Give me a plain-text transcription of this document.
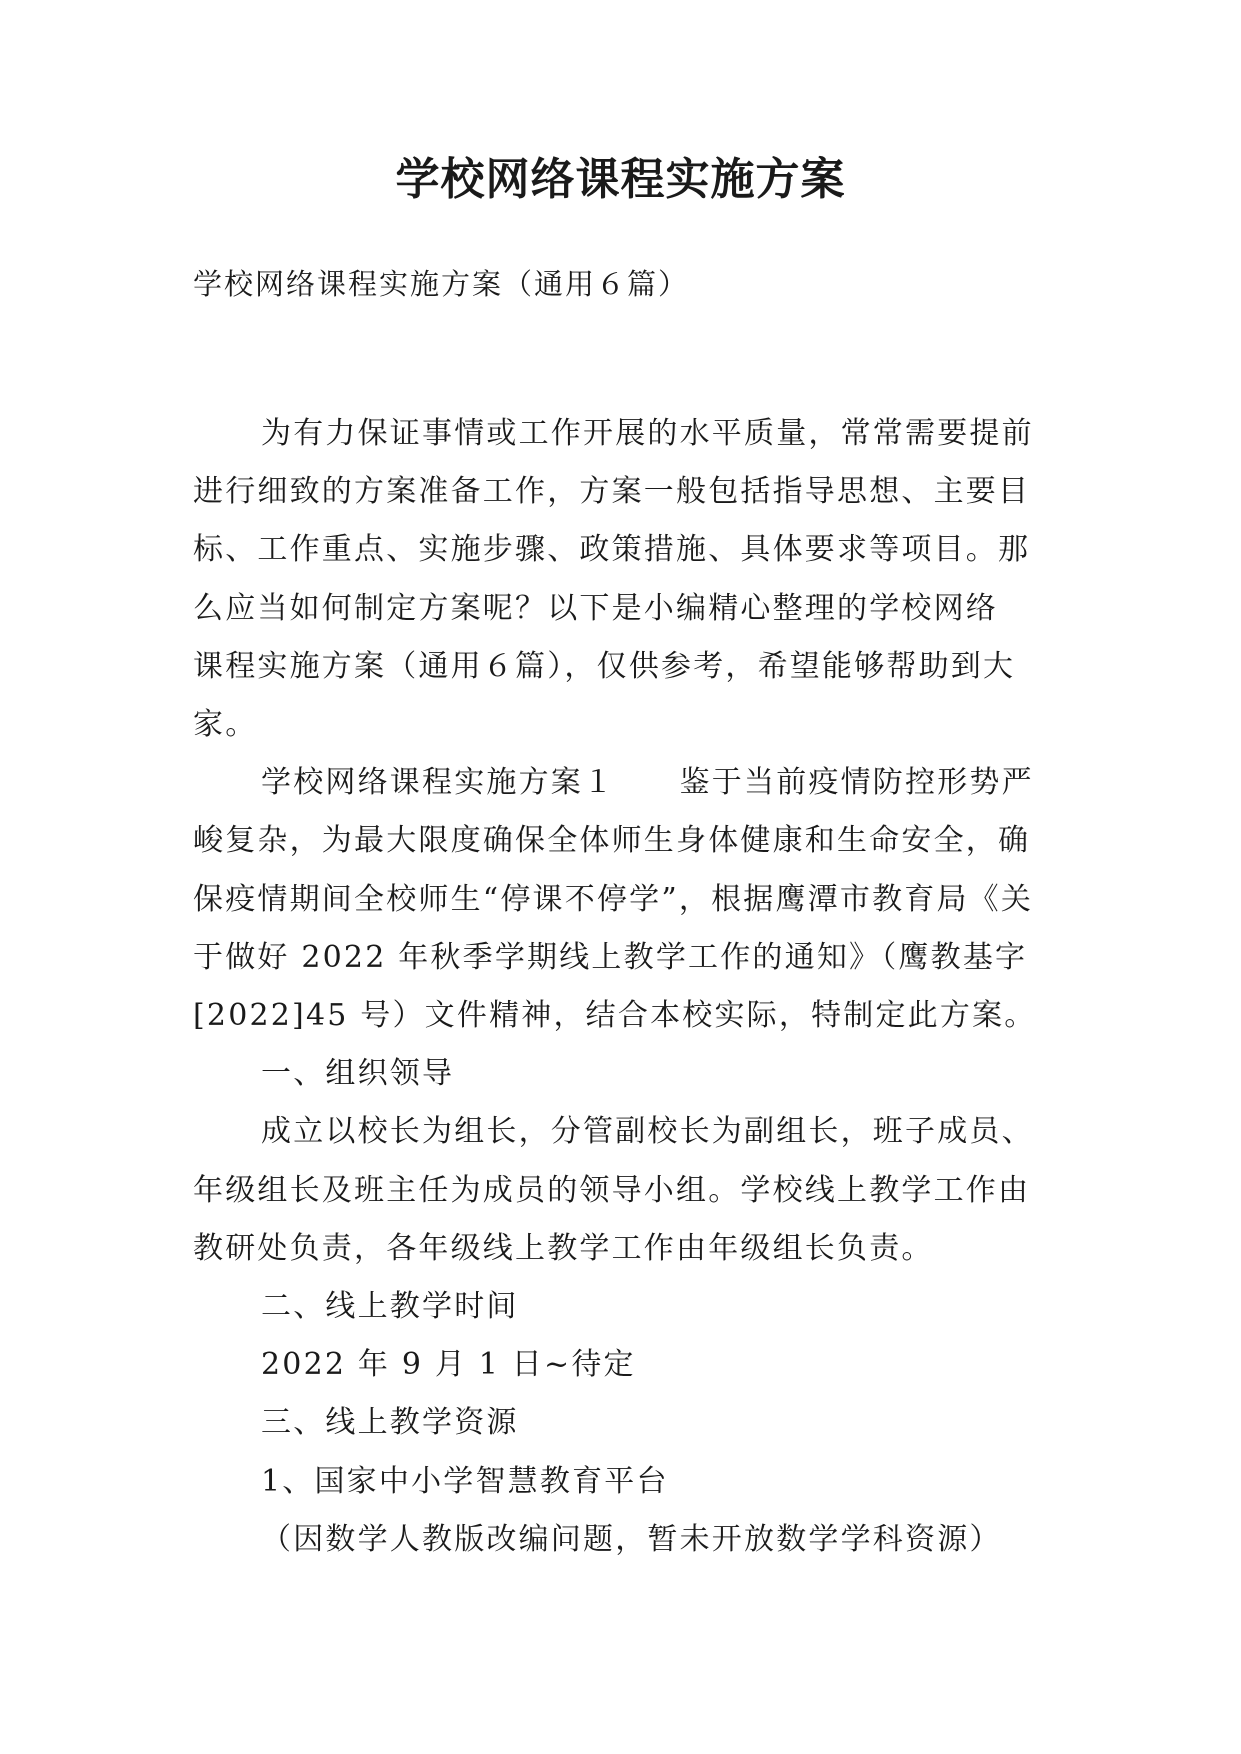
学校网络课程实施方案
学校网络课程实施方案（通用６篇）

为有力保证事情或工作开展的水平质量，常常需要提前
进行细致的方案准备工作，方案一般包括指导思想、主要目
标、工作重点、实施步骤、政策措施、具体要求等项目。那
么应当如何制定方案呢？以下是小编精心整理的学校网络
课程实施方案（通用６篇），仅供参考，希望能够帮助到大
家。

学校网络课程实施方案１　　鉴于当前疫情防控形势严
峻复杂，为最大限度确保全体师生身体健康和生命安全，确
保疫情期间全校师生“停课不停学”，根据鹰潭市教育局《关
于做好 2022 年秋季学期线上教学工作的通知》（鹰教基字
[2022]45 号）文件精神，结合本校实际，特制定此方案。

一、组织领导

成立以校长为组长，分管副校长为副组长，班子成员、
年级组长及班主任为成员的领导小组。学校线上教学工作由
教研处负责，各年级线上教学工作由年级组长负责。

二、线上教学时间

2022 年 9 月 1 日~待定

三、线上教学资源

1、国家中小学智慧教育平台

（因数学人教版改编问题，暂未开放数学学科资源）
